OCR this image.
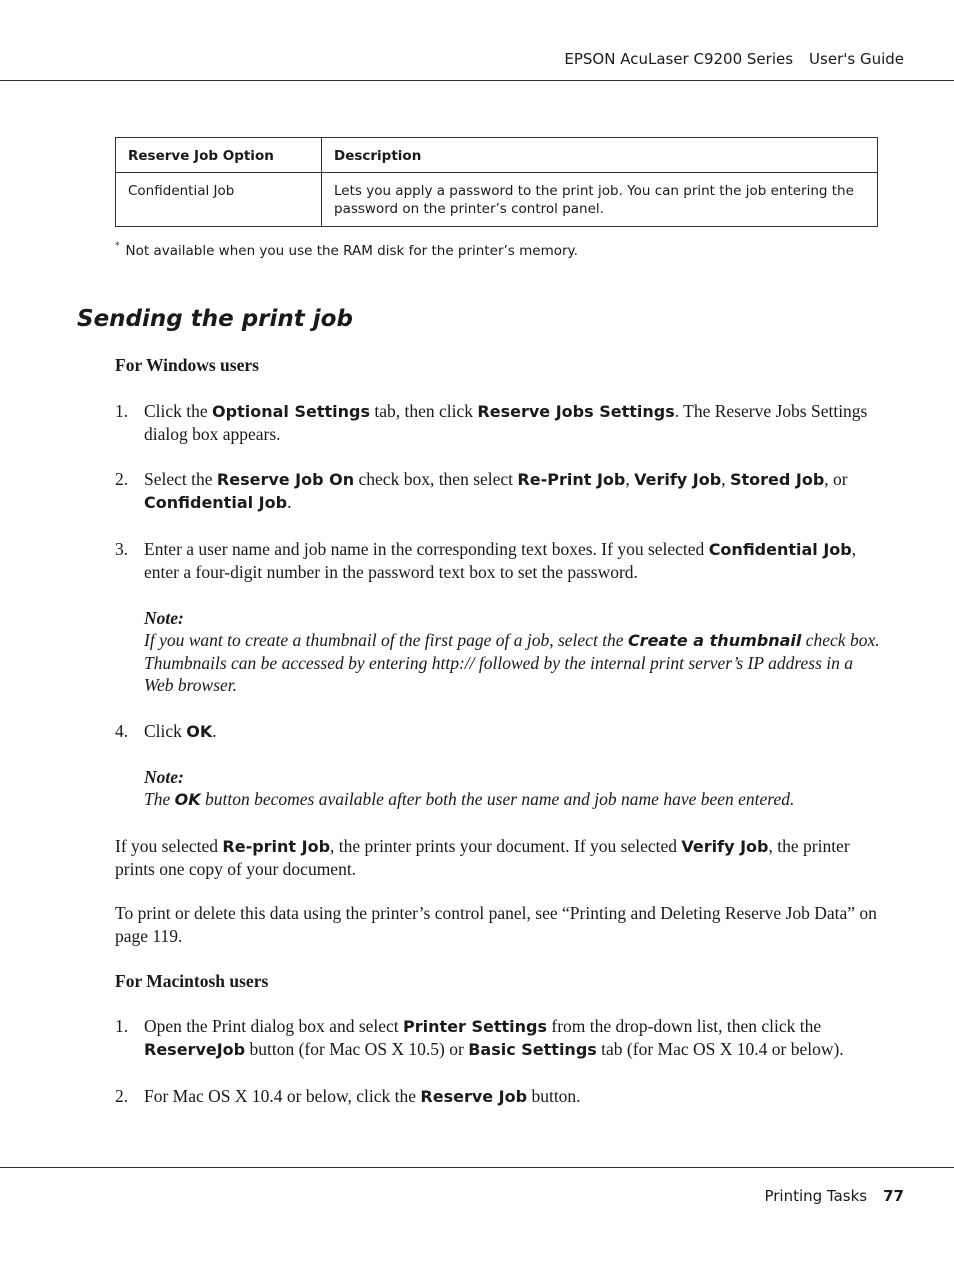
EPSON AcuLaser C9200 Series User's Guide
Reserve Job Option	Description
Confidential Job	Lets you apply a password to the print job. You can print the job entering the password on the printer’s control panel.
* Not available when you use the RAM disk for the printer’s memory.
Sending the print job
For Windows users
1. Click the Optional Settings tab, then click Reserve Jobs Settings. The Reserve Jobs Settings dialog box appears.
2. Select the Reserve Job On check box, then select Re-Print Job, Verify Job, Stored Job, or Confidential Job.
3. Enter a user name and job name in the corresponding text boxes. If you selected Confidential Job, enter a four-digit number in the password text box to set the password.
Note:
If you want to create a thumbnail of the first page of a job, select the Create a thumbnail check box. Thumbnails can be accessed by entering http:// followed by the internal print server’s IP address in a Web browser.
4. Click OK.
Note:
The OK button becomes available after both the user name and job name have been entered.
If you selected Re-print Job, the printer prints your document. If you selected Verify Job, the printer prints one copy of your document.
To print or delete this data using the printer’s control panel, see “Printing and Deleting Reserve Job Data” on page 119.
For Macintosh users
1. Open the Print dialog box and select Printer Settings from the drop-down list, then click the ReserveJob button (for Mac OS X 10.5) or Basic Settings tab (for Mac OS X 10.4 or below).
2. For Mac OS X 10.4 or below, click the Reserve Job button.
Printing Tasks 77
